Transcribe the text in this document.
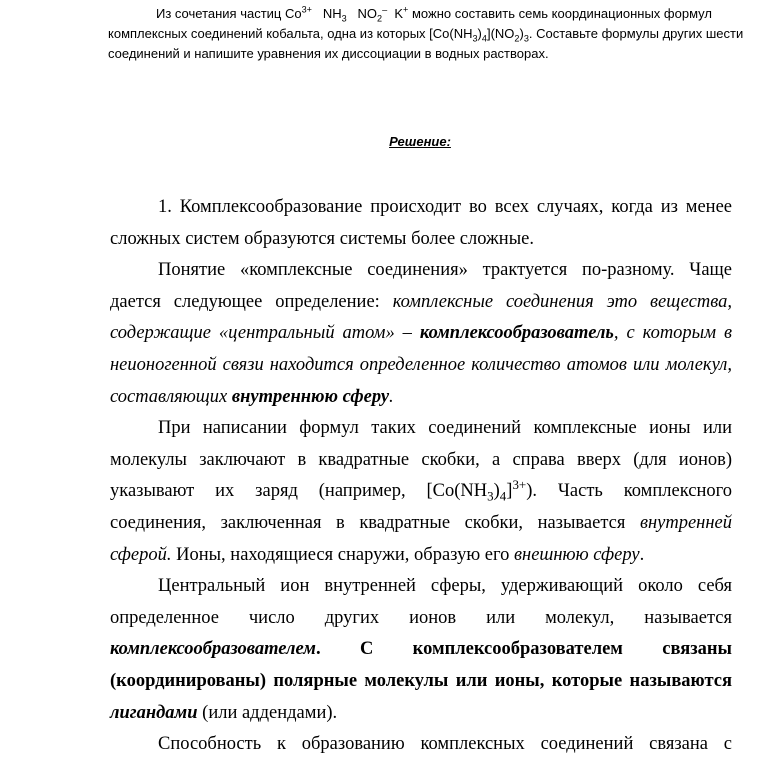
Из сочетания частиц $Co^{3+}$ $NH_3$ $NO_2^-$ K+ можно составить семь координационных формул комплексных соединений кобальта, одна из которых $[Co(NH_3)_4](NO_2)_3$. Составьте формулы других шести соединений и напишите уравнения их диссоциации в водных растворах.
Решение:

1. Комплексообразование происходит во всех случаях, когда из менее сложных систем образуются системы более сложные.

Понятие «комплексные соединения» трактуется по-разному. Чаще дается следующее определение: комплексные соединения это вещества, содержащие «центральный атом» – комплексообразователь, с которым в неионогенной связи находится определенное количество атомов или молекул, составляющих внутреннюю сферу.

При написании формул таких соединений комплексные ионы или молекулы заключают в квадратные скобки, а справа вверх (для ионов) указывают их заряд (например, $[Co(NH_3)_4]^{3+}$). Часть комплексного соединения, заключенная в квадратные скобки, называется внутренней сферой. Ионы, находящиеся снаружи, образую его внешнюю сферу.

Центральный ион внутренней сферы, удерживающий около себя определенное число других ионов или молекул, называется комплексообразователем. С комплексообразователем связаны (координированы) полярные молекулы или ионы, которые называются лигандами (или аддендами).

Способность к образованию комплексных соединений связана с
